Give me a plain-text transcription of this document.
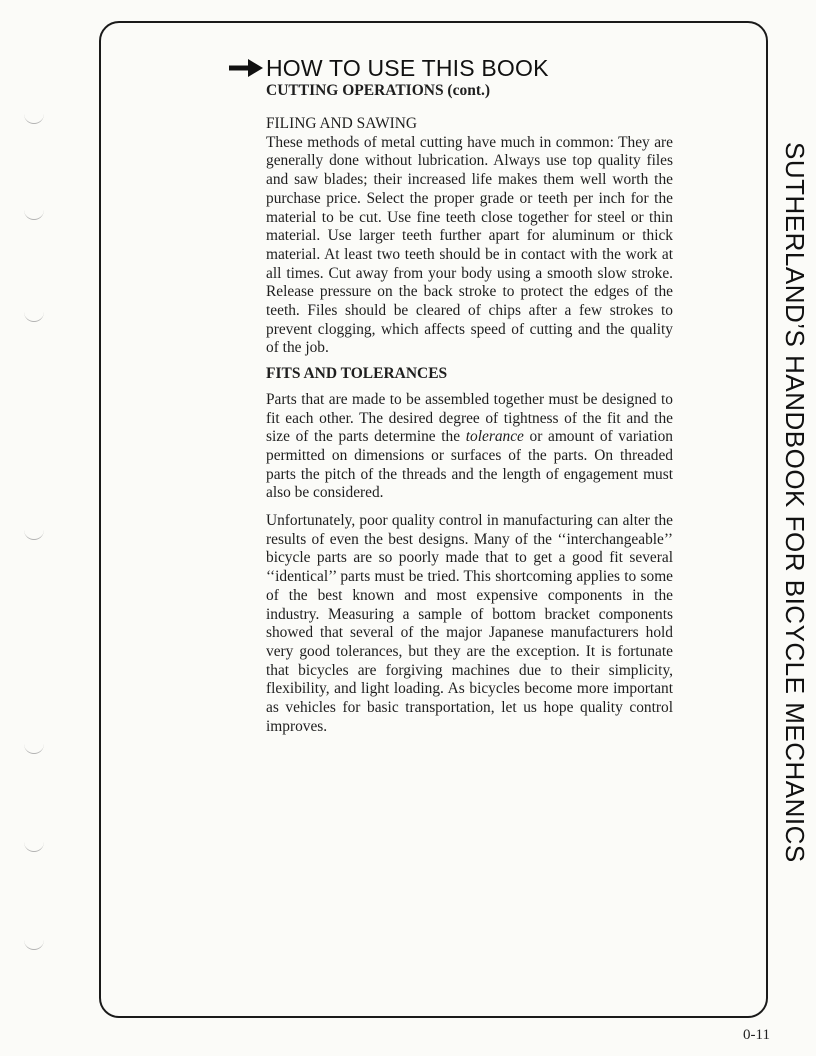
HOW TO USE THIS BOOK
CUTTING OPERATIONS (cont.)

FILING AND SAWING

These methods of metal cutting have much in common: They are generally done without lubrication. Always use top quality files and saw blades; their increased life makes them well worth the purchase price. Select the proper grade or teeth per inch for the material to be cut. Use fine teeth close together for steel or thin material. Use larger teeth further apart for aluminum or thick material. At least two teeth should be in contact with the work at all times. Cut away from your body using a smooth slow stroke. Release pressure on the back stroke to protect the edges of the teeth. Files should be cleared of chips after a few strokes to prevent clogging, which affects speed of cutting and the quality of the job.

FITS AND TOLERANCES

Parts that are made to be assembled together must be designed to fit each other. The desired degree of tightness of the fit and the size of the parts determine the tolerance or amount of variation permitted on dimensions or surfaces of the parts. On threaded parts the pitch of the threads and the length of engagement must also be considered.

Unfortunately, poor quality control in manufacturing can alter the results of even the best designs. Many of the ‘‘interchangeable’’ bicycle parts are so poorly made that to get a good fit several ‘‘identical’’ parts must be tried. This shortcoming applies to some of the best known and most expensive components in the industry. Measuring a sample of bottom bracket components showed that several of the major Japanese manufacturers hold very good tolerances, but they are the exception. It is fortunate that bicycles are forgiving machines due to their simplicity, flexibility, and light loading. As bicycles become more important as vehicles for basic transportation, let us hope quality control improves.	SUTHERLAND’S HANDBOOK FOR BICYCLE MECHANICS
0-11
